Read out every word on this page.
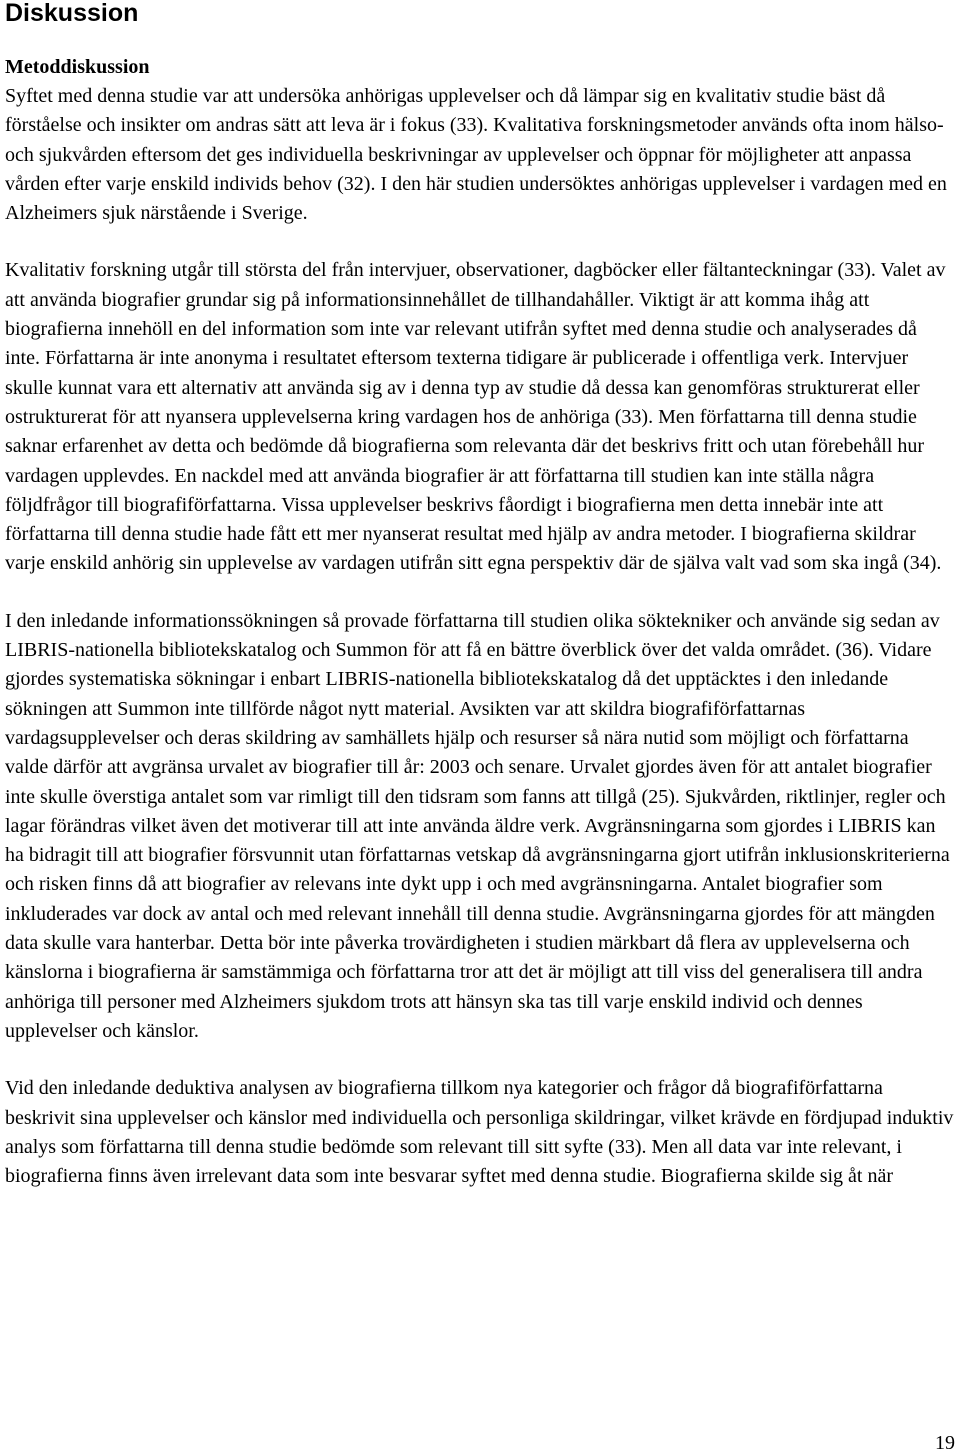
Diskussion
Metoddiskussion

Syftet med denna studie var att undersöka anhörigas upplevelser och då lämpar sig en kvalitativ studie bäst då förståelse och insikter om andras sätt att leva är i fokus (33). Kvalitativa forskningsmetoder används ofta inom hälso- och sjukvården eftersom det ges individuella beskrivningar av upplevelser och öppnar för möjligheter att anpassa vården efter varje enskild individs behov (32). I den här studien undersöktes anhörigas upplevelser i vardagen med en Alzheimers sjuk närstående i Sverige.

Kvalitativ forskning utgår till största del från intervjuer, observationer, dagböcker eller fältanteckningar (33). Valet av att använda biografier grundar sig på informationsinnehållet de tillhandahåller. Viktigt är att komma ihåg att biografierna innehöll en del information som inte var relevant utifrån syftet med denna studie och analyserades då inte. Författarna är inte anonyma i resultatet eftersom texterna tidigare är publicerade i offentliga verk. Intervjuer skulle kunnat vara ett alternativ att använda sig av i denna typ av studie då dessa kan genomföras strukturerat eller ostrukturerat för att nyansera upplevelserna kring vardagen hos de anhöriga (33). Men författarna till denna studie saknar erfarenhet av detta och bedömde då biografierna som relevanta där det beskrivs fritt och utan förebehåll hur vardagen upplevdes. En nackdel med att använda biografier är att författarna till studien kan inte ställa några följdfrågor till biografiförfattarna. Vissa upplevelser beskrivs fåordigt i biografierna men detta innebär inte att författarna till denna studie hade fått ett mer nyanserat resultat med hjälp av andra metoder. I biografierna skildrar varje enskild anhörig sin upplevelse av vardagen utifrån sitt egna perspektiv där de själva valt vad som ska ingå (34).

I den inledande informationssökningen så provade författarna till studien olika söktekniker och använde sig sedan av LIBRIS-nationella bibliotekskatalog och Summon för att få en bättre överblick över det valda området. (36). Vidare gjordes systematiska sökningar i enbart LIBRIS-nationella bibliotekskatalog då det upptäcktes i den inledande sökningen att Summon inte tillförde något nytt material. Avsikten var att skildra biografiförfattarnas vardagsupplevelser och deras skildring av samhällets hjälp och resurser så nära nutid som möjligt och författarna valde därför att avgränsa urvalet av biografier till år: 2003 och senare. Urvalet gjordes även för att antalet biografier inte skulle överstiga antalet som var rimligt till den tidsram som fanns att tillgå (25). Sjukvården, riktlinjer, regler och lagar förändras vilket även det motiverar till att inte använda äldre verk. Avgränsningarna som gjordes i LIBRIS kan ha bidragit till att biografier försvunnit utan författarnas vetskap då avgränsningarna gjort utifrån inklusionskriterierna och risken finns då att biografier av relevans inte dykt upp i och med avgränsningarna. Antalet biografier som inkluderades var dock av antal och med relevant innehåll till denna studie. Avgränsningarna gjordes för att mängden data skulle vara hanterbar. Detta bör inte påverka trovärdigheten i studien märkbart då flera av upplevelserna och känslorna i biografierna är samstämmiga och författarna tror att det är möjligt att till viss del generalisera till andra anhöriga till personer med Alzheimers sjukdom trots att hänsyn ska tas till varje enskild individ och dennes upplevelser och känslor.

Vid den inledande deduktiva analysen av biografierna tillkom nya kategorier och frågor då biografiförfattarna beskrivit sina upplevelser och känslor med individuella och personliga skildringar, vilket krävde en fördjupad induktiv analys som författarna till denna studie bedömde som relevant till sitt syfte (33). Men all data var inte relevant, i biografierna finns även irrelevant data som inte besvarar syftet med denna studie. Biografierna skilde sig åt när

19
